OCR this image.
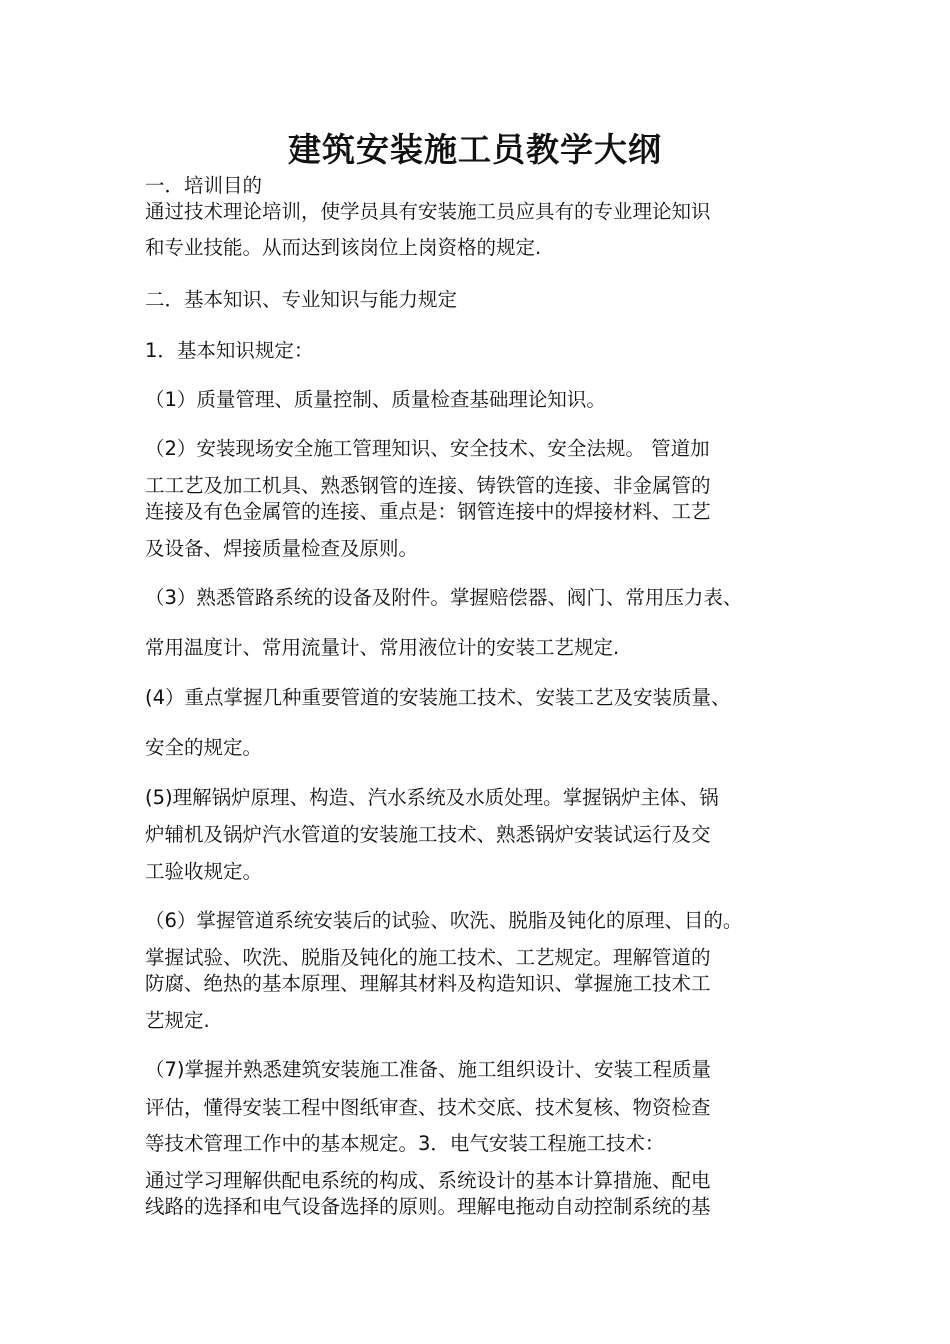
建筑安装施工员教学大纲

一．培训目的

通过技术理论培训，使学员具有安装施工员应具有的专业理论知识

和专业技能。从而达到该岗位上岗资格的规定.

二．基本知识、专业知识与能力规定

1．基本知识规定：

（1）质量管理、质量控制、质量检查基础理论知识。

（2）安装现场安全施工管理知识、安全技术、安全法规。 管道加

工工艺及加工机具、熟悉钢管的连接、铸铁管的连接、非金属管的

连接及有色金属管的连接、重点是：钢管连接中的焊接材料、工艺

及设备、焊接质量检查及原则。

（3）熟悉管路系统的设备及附件。掌握赔偿器、阀门、常用压力表、

常用温度计、常用流量计、常用液位计的安装工艺规定.

(4）重点掌握几种重要管道的安装施工技术、安装工艺及安装质量、

安全的规定。

(5)理解锅炉原理、构造、汽水系统及水质处理。掌握锅炉主体、锅

炉辅机及锅炉汽水管道的安装施工技术、熟悉锅炉安装试运行及交

工验收规定。

（6）掌握管道系统安装后的试验、吹洗、脱脂及钝化的原理、目的。

掌握试验、吹洗、脱脂及钝化的施工技术、工艺规定。理解管道的

防腐、绝热的基本原理、理解其材料及构造知识、掌握施工技术工

艺规定.

（7)掌握并熟悉建筑安装施工准备、施工组织设计、安装工程质量

评估，懂得安装工程中图纸审查、技术交底、技术复核、物资检查

等技术管理工作中的基本规定。3．电气安装工程施工技术：

通过学习理解供配电系统的构成、系统设计的基本计算措施、配电

线路的选择和电气设备选择的原则。理解电拖动自动控制系统的基
